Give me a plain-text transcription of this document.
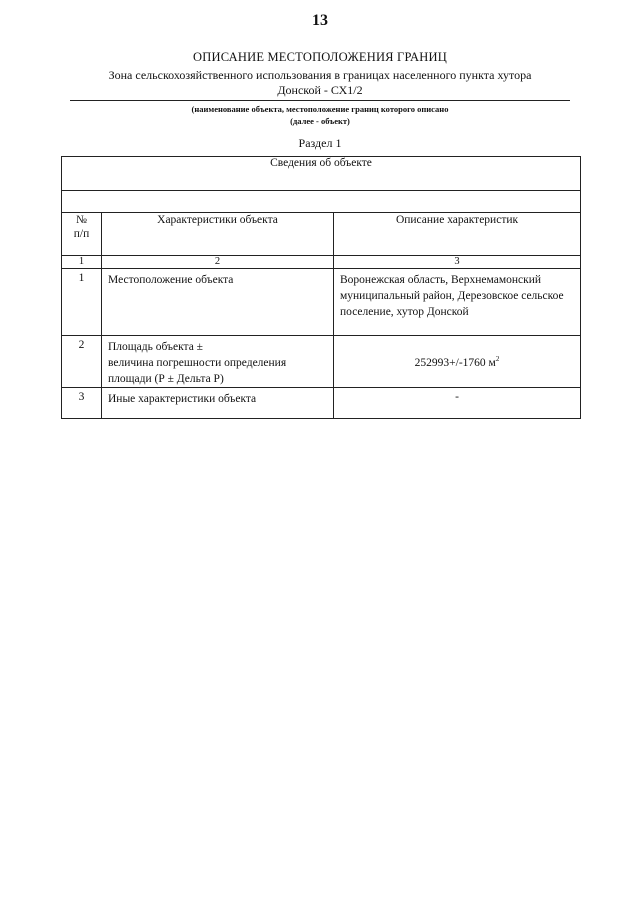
13
ОПИСАНИЕ МЕСТОПОЛОЖЕНИЯ ГРАНИЦ
Зона сельскохозяйственного использования в границах населенного пункта хутора
Донской - СХ1/2
(наименование объекта, местоположение границ которого описано
(далее - объект)
Раздел 1
Сведения об объекте		

№
п/п	Характеристики объекта	Описание характеристик
1	2	3
1	Местоположение объекта	Воронежская область, Верхнемамонский муниципальный район, Дерезовское сельское поселение, хутор Донской
2	Площадь объекта ±
величина погрешности определения площади (Р ± Дельта Р)	252993+/-1760 $м^2$
3	Иные характеристики объекта	-
